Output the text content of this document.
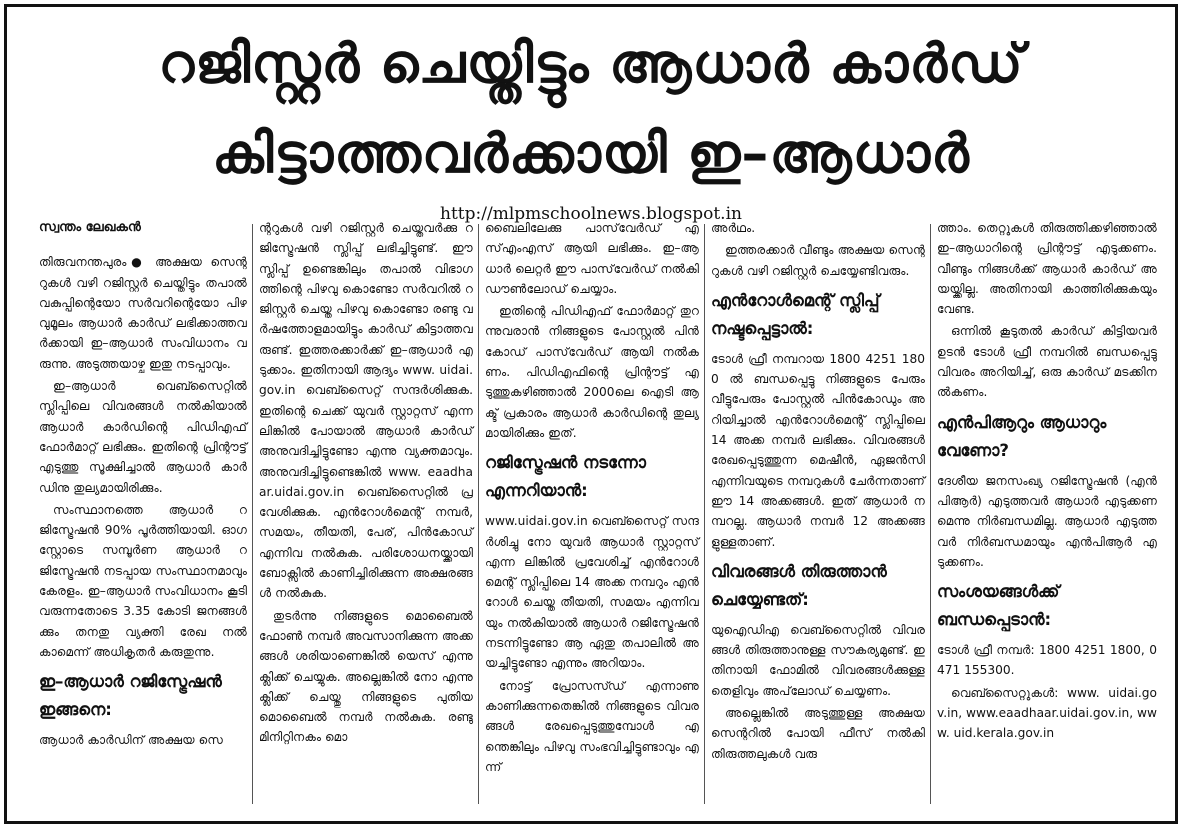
റജിസ്റ്റർ ചെയ്തിട്ടും ആധാർ കാർഡ്
കിട്ടാത്തവർക്കായി ഇ–ആധാർ
http://mlpmschoolnews.blogspot.in

സ്വന്തം ലേഖകൻ

തിരുവനന്തപുരം● അക്ഷയ സെന്ററുകൾ വഴി റജിസ്റ്റർ ചെയ്തിട്ടും തപാൽ വകുപ്പിന്റെയോ സർവറിന്റെയോ പിഴവുമൂലം ആധാർ കാർഡ് ലഭിക്കാത്തവർക്കായി ഇ–ആധാർ സംവിധാനം വരുന്നു. അടുത്തയാഴ്ച ഇതു നടപ്പാവും.

ഇ–ആധാർ വെബ്സൈറ്റിൽ സ്ലിപ്പിലെ വിവരങ്ങൾ നൽകിയാൽ ആധാർ കാർഡിന്റെ പിഡിഎഫ് ഫോർമാറ്റ് ലഭിക്കും. ഇതിന്റെ പ്രിന്റൗട്ട് എടുത്തു സൂക്ഷിച്ചാൽ ആധാർ കാർഡിനു തുല്യമായിരിക്കും.

സംസ്ഥാനത്തെ ആധാർ റജിസ്ട്രേഷൻ 90% പൂർത്തിയായി. ഓഗസ്റ്റോടെ സമ്പൂർണ ആധാർ റജിസ്ട്രേഷൻ നടപ്പായ സംസ്ഥാനമാവും കേരളം. ഇ–ആധാർ സംവിധാനം കൂടി വരുന്നതോടെ 3.35 കോടി ജനങ്ങൾക്കും തനതു വ്യക്തി രേഖ നൽകാമെന്ന് അധികൃതർ കരുതുന്നു.

ഇ–ആധാർ റജിസ്ട്രേഷൻ ഇങ്ങനെ:

ആധാർ കാർഡിന് അക്ഷയ സെ

ന്ററുകൾ വഴി റജിസ്റ്റർ ചെയ്തവർക്കു റജിസ്ട്രേഷൻ സ്ലിപ്പ് ലഭിച്ചിട്ടുണ്ട്. ഈ സ്ലിപ്പ് ഉണ്ടെങ്കിലും തപാൽ വിഭാഗത്തിന്റെ പിഴവു കൊണ്ടോ സർവറിൽ റജിസ്റ്റർ ചെയ്ത പിഴവു കൊണ്ടോ രണ്ടു വർഷത്തോളമായിട്ടും കാർഡ് കിട്ടാത്തവരുണ്ട്. ഇത്തരക്കാർക്ക് ഇ–ആധാർ എടുക്കാം. ഇതിനായി ആദ്യം www. uidai.gov.in വെബ്സൈറ്റ് സന്ദർശിക്കുക. ഇതിന്റെ ചെക്ക് യുവർ സ്റ്റാറ്റസ് എന്ന ലിങ്കിൽ പോയാൽ ആധാർ കാർഡ് അനുവദിച്ചിട്ടുണ്ടോ എന്നു വ്യക്തമാവും. അനുവദിച്ചിട്ടുണ്ടെങ്കിൽ www. eaadhaar.uidai.gov.in വെബ്സൈറ്റിൽ പ്രവേശിക്കുക. എൻറോൾമെന്റ് നമ്പർ, സമയം, തീയതി, പേര്, പിൻകോഡ് എന്നിവ നൽകുക. പരിശോധനയ്ക്കായി ബോക്സിൽ കാണിച്ചിരിക്കുന്ന അക്ഷരങ്ങൾ നൽകുക.

തുടർന്നു നിങ്ങളുടെ മൊബൈൽ ഫോൺ നമ്പർ അവസാനിക്കുന്ന അക്കങ്ങൾ ശരിയാണെങ്കിൽ യെസ് എന്നു ക്ലിക്ക് ചെയ്യുക. അല്ലെങ്കിൽ നോ എന്നു ക്ലിക്ക് ചെയ്തു നിങ്ങളുടെ പുതിയ മൊബൈൽ നമ്പർ നൽകുക. രണ്ടു മിനിറ്റിനകം മൊ

ബൈലിലേക്കു പാസ്‌വേർഡ് എസ്എംഎസ് ആയി ലഭിക്കും. ഇ–ആധാർ ലെറ്റർ ഈ പാസ്‌വേർഡ് നൽകി ഡൗൺലോഡ് ചെയ്യാം.

ഇതിന്റെ പിഡിഎഫ് ഫോർമാറ്റ് തുറന്നുവരാൻ നിങ്ങളുടെ പോസ്റ്റൽ പിൻകോഡ് പാസ്‌വേർഡ് ആയി നൽകണം. പിഡിഎഫിന്റെ പ്രിന്റൗട്ട് എടുത്തുകഴിഞ്ഞാൽ 2000ലെ ഐടി ആക്ട് പ്രകാരം ആധാർ കാർഡിന്റെ തുല്യമായിരിക്കും ഇത്.

റജിസ്ട്രേഷൻ നടന്നോ എന്നറിയാൻ:

www.uidai.gov.in വെബ്സൈറ്റ് സന്ദർശിച്ചു നോ യുവർ ആധാർ സ്റ്റാറ്റസ് എന്ന ലിങ്കിൽ പ്രവേശിച്ച് എൻറോൾമെന്റ് സ്ലിപ്പിലെ 14 അക്ക നമ്പറും എൻറോൾ ചെയ്ത തീയതി, സമയം എന്നിവയും നൽകിയാൽ ആധാർ റജിസ്ട്രേഷൻ നടന്നിട്ടുണ്ടോ ആ ഏതു തപാലിൽ അയച്ചിട്ടുണ്ടോ എന്നും അറിയാം.

നോട്ട് പ്രോസസ്ഡ് എന്നാണു കാണിക്കുന്നതെങ്കിൽ നിങ്ങളുടെ വിവരങ്ങൾ രേഖപ്പെടുത്തുമ്പോൾ എന്തെങ്കിലും പിഴവു സംഭവിച്ചിട്ടുണ്ടാവും എന്ന്

അർഥം.

ഇത്തരക്കാർ വീണ്ടും അക്ഷയ സെന്ററുകൾ വഴി റജിസ്റ്റർ ചെയ്യേണ്ടിവരും.

എൻറോൾമെന്റ് സ്ലിപ്പ് നഷ്ടപ്പെട്ടാൽ:

ടോൾ ഫ്രീ നമ്പറായ 1800 4251 1800 ൽ ബന്ധപ്പെട്ടു നിങ്ങളുടെ പേരും വീട്ടുപേരും പോസ്റ്റൽ പിൻകോഡും അറിയിച്ചാൽ എൻറോൾമെന്റ് സ്ലിപ്പിലെ 14 അക്ക നമ്പർ ലഭിക്കും. വിവരങ്ങൾ രേഖപ്പെടുത്തുന്ന മെഷീൻ, ഏജൻസി എന്നിവയുടെ നമ്പറുകൾ ചേർന്നതാണ് ഈ 14 അക്കങ്ങൾ. ഇത് ആധാർ നമ്പറല്ല. ആധാർ നമ്പർ 12 അക്കങ്ങളുള്ളതാണ്.

വിവരങ്ങൾ തിരുത്താൻ ചെയ്യേണ്ടത്:

യുഐഡിഎ വെബ്സൈറ്റിൽ വിവരങ്ങൾ തിരുത്താനുള്ള സൗകര്യമുണ്ട്. ഇതിനായി ഫോമിൽ വിവരങ്ങൾക്കുള്ള തെളിവും അപ്‌ലോഡ് ചെയ്യണം.

അല്ലെങ്കിൽ അടുത്തുള്ള അക്ഷയ സെന്ററിൽ പോയി ഫീസ് നൽകി തിരുത്തലുകൾ വരു

ത്താം. തെറ്റുകൾ തിരുത്തിക്കഴിഞ്ഞാൽ ഇ–ആധാറിന്റെ പ്രിന്റൗട്ട് എടുക്കണം. വീണ്ടും നിങ്ങൾക്ക് ആധാർ കാർഡ് അയയ്ക്കില്ല. അതിനായി കാത്തിരിക്കുകയും വേണ്ട.

ഒന്നിൽ കൂടുതൽ കാർഡ് കിട്ടിയവർ ഉടൻ ടോൾ ഫ്രീ നമ്പറിൽ ബന്ധപ്പെട്ടു വിവരം അറിയിച്ച്, ഒരു കാർഡ് മടക്കിനൽകണം.

എൻപിആറും ആധാറും വേണോ?

ദേശീയ ജനസംഖ്യ റജിസ്ട്രേഷൻ (എൻപിആർ) എടുത്തവർ ആധാർ എടുക്കണമെന്നു നിർബന്ധമില്ല. ആധാർ എടുത്തവർ നിർബന്ധമായും എൻപിആർ എടുക്കണം.

സംശയങ്ങൾക്ക് ബന്ധപ്പെടാൻ:

ടോൾ ഫ്രീ നമ്പർ: 1800 4251 1800, 0471 155300.

വെബ്സൈറ്റുകൾ: www. uidai.gov.in, www.eaadhaar.uidai.gov.in, www. uid.kerala.gov.in
